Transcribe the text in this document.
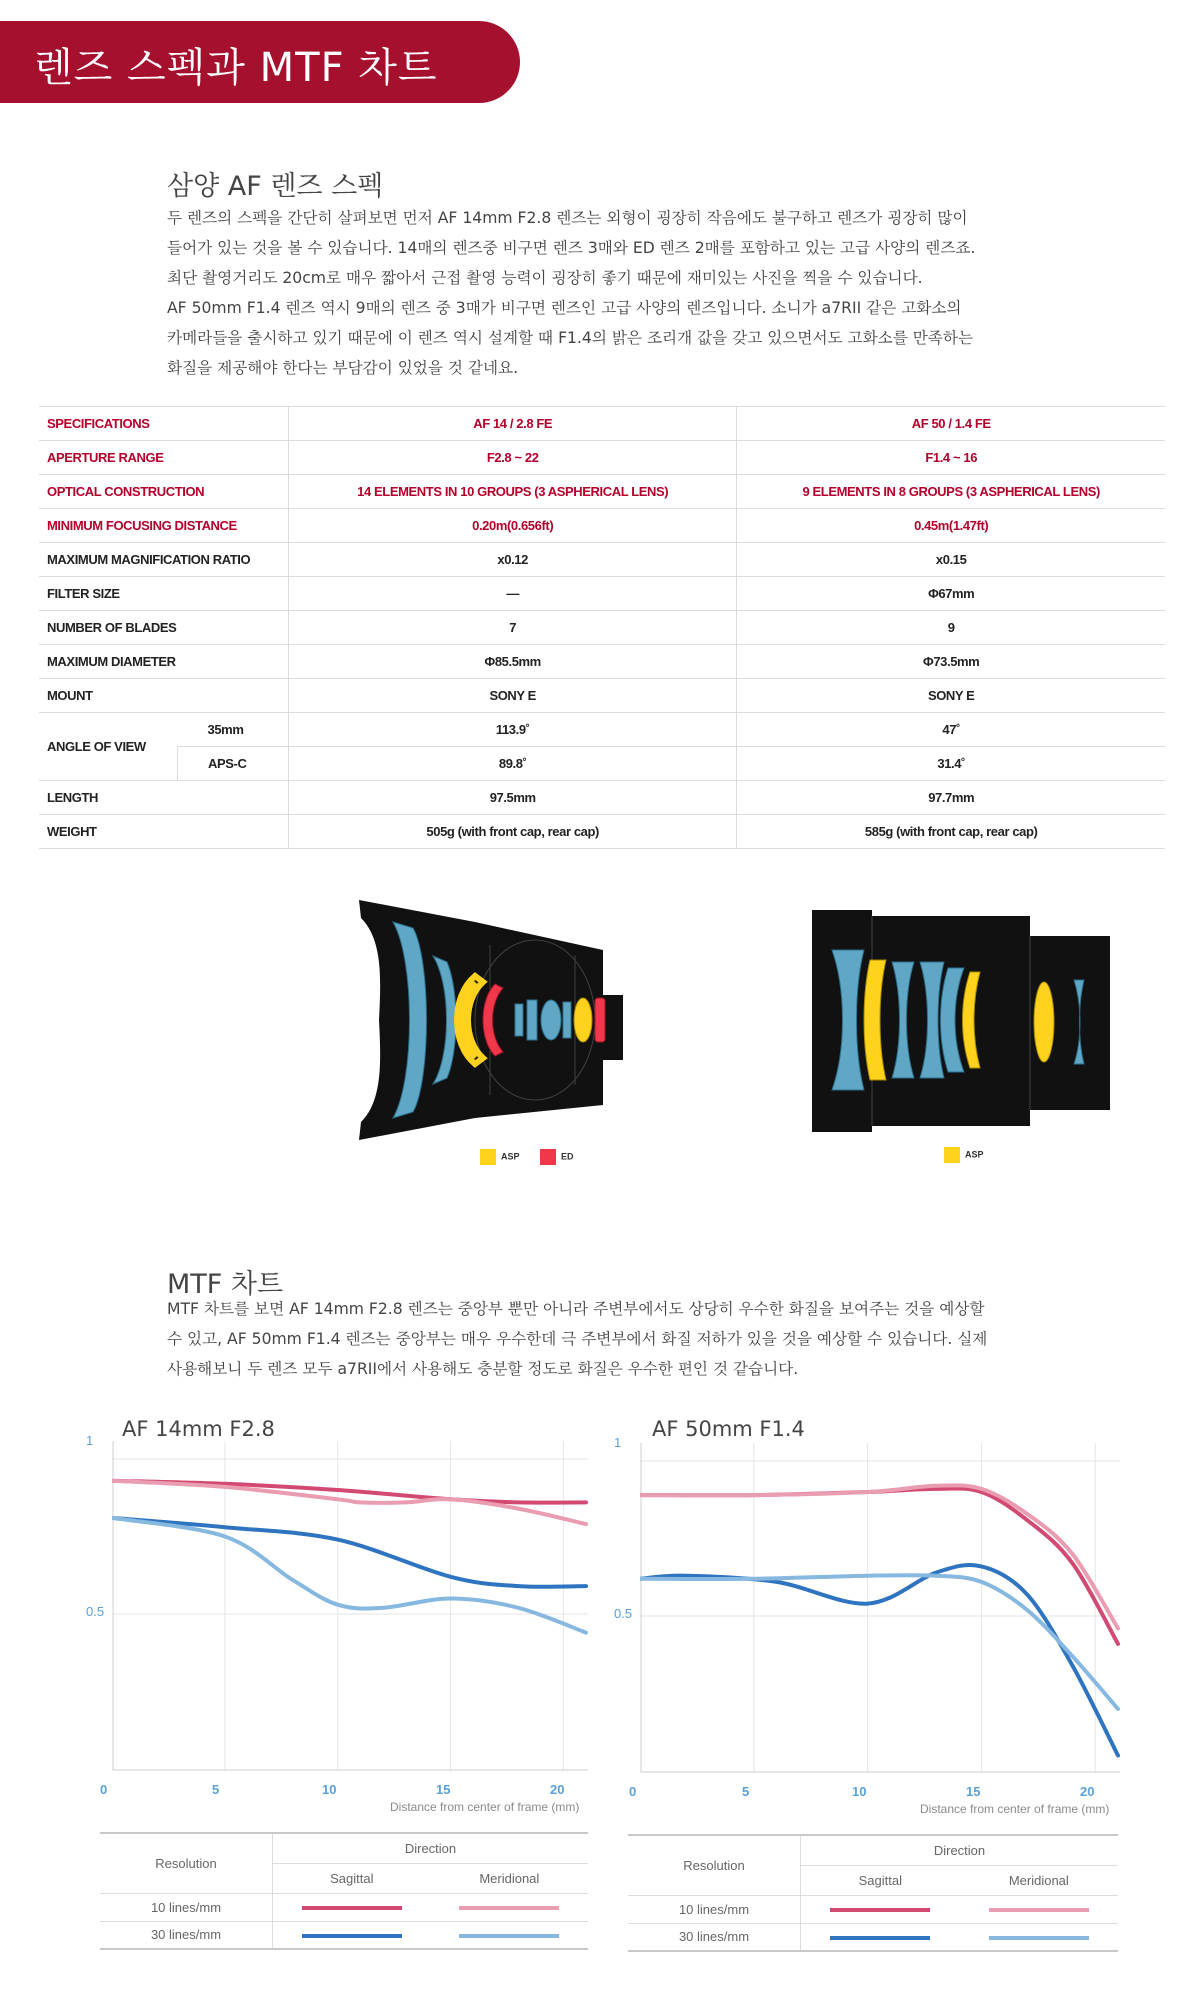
렌즈 스펙과 MTF 차트
삼양 AF 렌즈 스펙

두 렌즈의 스펙을 간단히 살펴보면 먼저 AF 14mm F2.8 렌즈는 외형이 굉장히 작음에도 불구하고 렌즈가 굉장히 많이

들어가 있는 것을 볼 수 있습니다. 14매의 렌즈중 비구면 렌즈 3매와 ED 렌즈 2매를 포함하고 있는 고급 사양의 렌즈죠.

최단 촬영거리도 20cm로 매우 짧아서 근접 촬영 능력이 굉장히 좋기 때문에 재미있는 사진을 찍을 수 있습니다.

AF 50mm F1.4 렌즈 역시 9매의 렌즈 중 3매가 비구면 렌즈인 고급 사양의 렌즈입니다. 소니가 a7RII 같은 고화소의

카메라들을 출시하고 있기 때문에 이 렌즈 역시 설계할 때 F1.4의 밝은 조리개 값을 갖고 있으면서도 고화소를 만족하는

화질을 제공해야 한다는 부담감이 있었을 것 같네요.

SPECIFICATIONS		AF 14 / 2.8 FE	AF 50 / 1.4 FE
APERTURE RANGE		F2.8 ~ 22	F1.4 ~ 16
OPTICAL CONSTRUCTION		14 ELEMENTS IN 10 GROUPS (3 ASPHERICAL LENS)	9 ELEMENTS IN 8 GROUPS (3 ASPHERICAL LENS)
MINIMUM FOCUSING DISTANCE		0.20m(0.656ft)	0.45m(1.47ft)
MAXIMUM MAGNIFICATION RATIO		x0.12	x0.15
FILTER SIZE		—	Φ67mm
NUMBER OF BLADES		7	9
MAXIMUM DIAMETER		Φ85.5mm	Φ73.5mm
MOUNT		SONY E	SONY E
ANGLE OF VIEW	35mm	113.9˚	47˚
	APS-C	89.8˚	31.4˚
LENGTH		97.5mm	97.7mm
WEIGHT		505g (with front cap, rear cap)	585g (with front cap, rear cap)
ASP	ED	ASP
MTF 차트

MTF 차트를 보면 AF 14mm F2.8 렌즈는 중앙부 뿐만 아니라 주변부에서도 상당히 우수한 화질을 보여주는 것을 예상할

수 있고, AF 50mm F1.4 렌즈는 중앙부는 매우 우수한데 극 주변부에서 화질 저하가 있을 것을 예상할 수 있습니다. 실제

사용해보니 두 렌즈 모두 a7RII에서 사용해도 충분할 정도로 화질은 우수한 편인 것 같습니다.

AF 14mm F2.8
1
0.5
0	5	10	15	20
Distance from center of frame (mm)
Resolution	Direction	
	Sagittal	Meridional
10 lines/mm		
30 lines/mm		
AF 50mm F1.4
1
0.5
0	5	10	15	20
Distance from center of frame (mm)
Resolution	Direction	
	Sagittal	Meridional
10 lines/mm		
30 lines/mm		
